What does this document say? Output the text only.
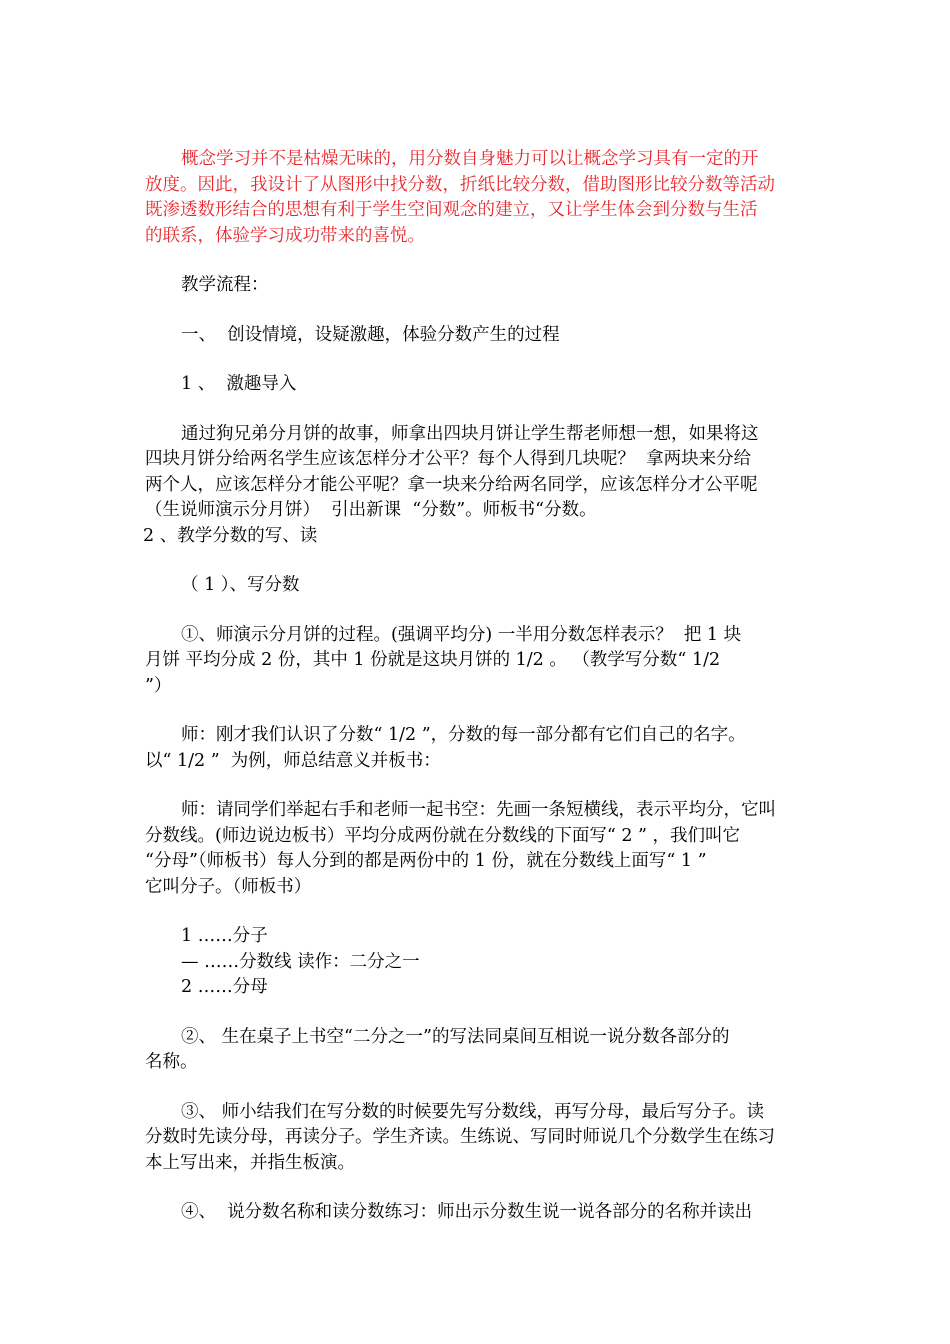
概念学习并不是枯燥无味的，用分数自身魅力可以让概念学习具有一定的开
放度。因此，我设计了从图形中找分数，折纸比较分数，借助图形比较分数等活动
既渗透数形结合的思想有利于学生空间观念的建立，又让学生体会到分数与生活
的联系，体验学习成功带来的喜悦。
教学流程：
一、  创设情境，设疑激趣，体验分数产生的过程
1 、  激趣导入
通过狗兄弟分月饼的故事，师拿出四块月饼让学生帮老师想一想，如果将这
四块月饼分给两名学生应该怎样分才公平？每个人得到几块呢？  拿两块来分给
两个人，应该怎样分才能公平呢？拿一块来分给两名同学，应该怎样分才公平呢
（生说师演示分月饼）  引出新课  “分数”。师板书“分数。
2 、教学分数的写、读
（ 1 ）、写分数
①、师演示分月饼的过程。(强调平均分) 一半用分数怎样表示？  把 1 块
月饼 平均分成 2 份，其中 1 份就是这块月饼的 1/2 。 （教学写分数“ 1/2
”）
师：刚才我们认识了分数“ 1/2 ”，分数的每一部分都有它们自己的名字。
以“ 1/2 ”  为例，师总结意义并板书：
师：请同学们举起右手和老师一起书空：先画一条短横线，表示平均分，它叫
分数线。(师边说边板书）平均分成两份就在分数线的下面写“ 2 ” ，我们叫它
“分母”（师板书）每人分到的都是两份中的 1 份，就在分数线上面写“ 1 ”
它叫分子。（师板书）
1 ……分子
— ……分数线 读作：二分之一
2 ……分母
②、 生在桌子上书空“二分之一”的写法同桌间互相说一说分数各部分的
名称。
③、 师小结我们在写分数的时候要先写分数线，再写分母，最后写分子。读
分数时先读分母，再读分子。学生齐读。生练说、写同时师说几个分数学生在练习
本上写出来，并指生板演。
④、  说分数名称和读分数练习：师出示分数生说一说各部分的名称并读出
